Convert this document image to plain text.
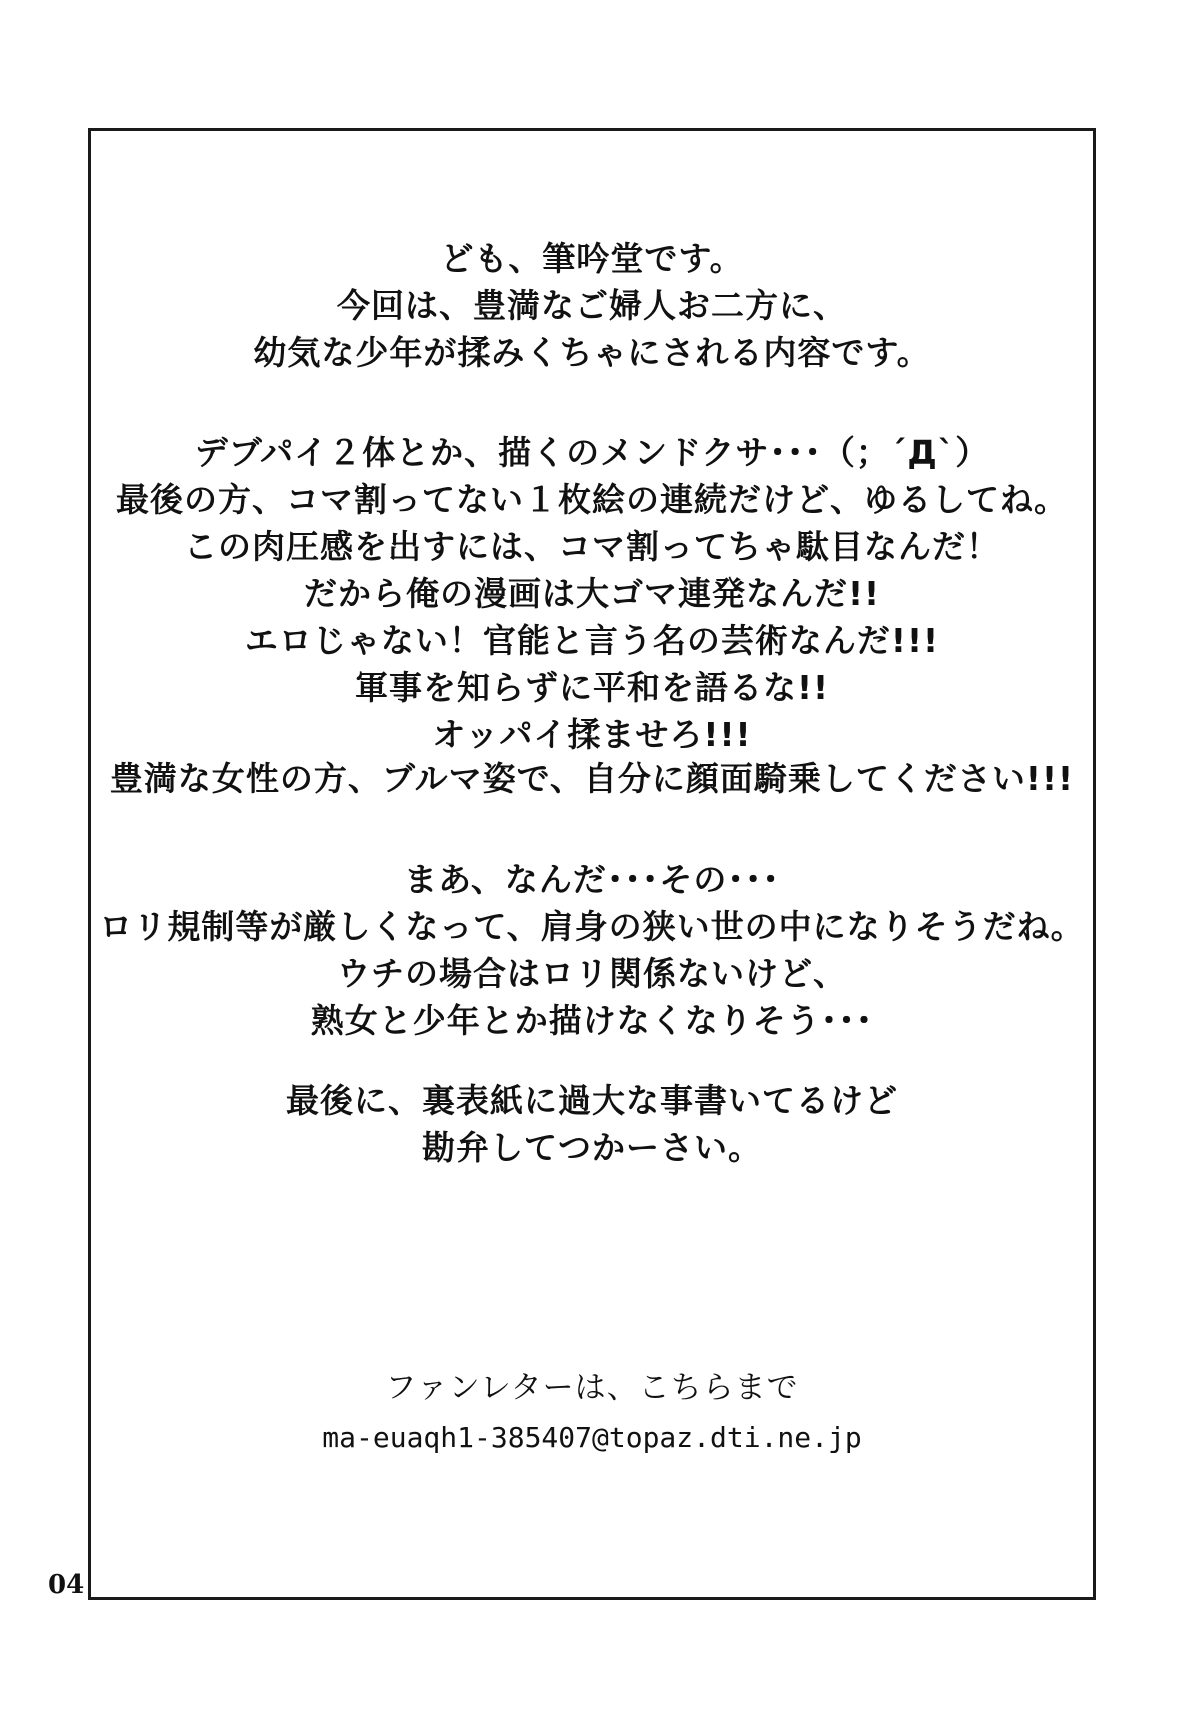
ども、筆吟堂です。
今回は、豊満なご婦人お二方に、
幼気な少年が揉みくちゃにされる内容です。
デブパイ２体とか、描くのメンドクサ･･･（；´Д`）
最後の方、コマ割ってない１枚絵の連続だけど、ゆるしてね。
この肉圧感を出すには、コマ割ってちゃ駄目なんだ！
だから俺の漫画は大ゴマ連発なんだ!!
エロじゃない！官能と言う名の芸術なんだ!!!
軍事を知らずに平和を語るな!!
オッパイ揉ませろ!!!
豊満な女性の方、ブルマ姿で、自分に顔面騎乗してください!!!
まあ、なんだ･･･その･･･
ロリ規制等が厳しくなって、肩身の狭い世の中になりそうだね。
ウチの場合はロリ関係ないけど、
熟女と少年とか描けなくなりそう･･･
最後に、裏表紙に過大な事書いてるけど
勘弁してつかーさい。
ファンレターは、こちらまで
ma-euaqh1-385407@topaz.dti.ne.jp
04
